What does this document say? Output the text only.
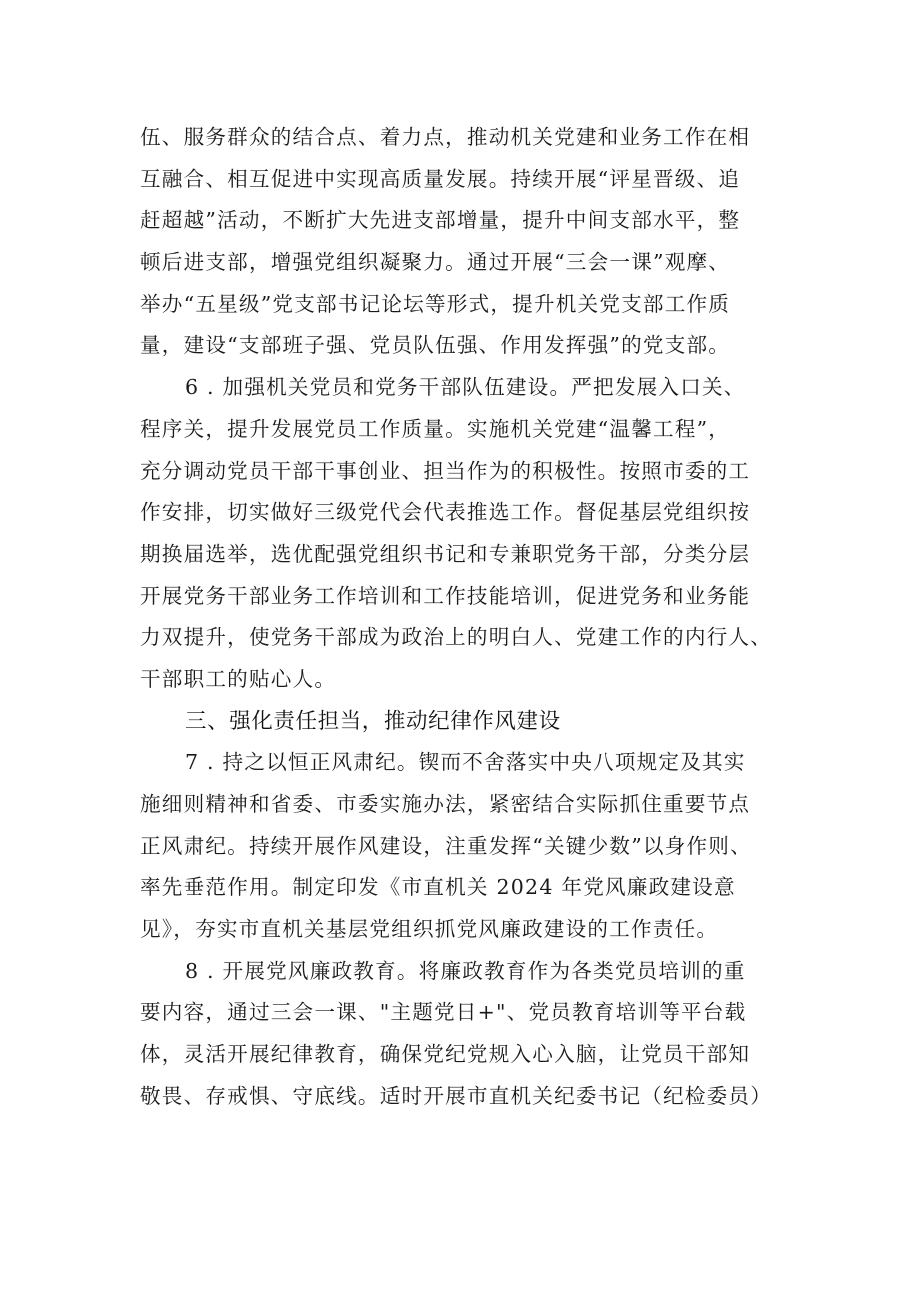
伍、服务群众的结合点、着力点，推动机关党建和业务工作在相
互融合、相互促进中实现高质量发展。持续开展“评星晋级、追
赶超越”活动，不断扩大先进支部增量，提升中间支部水平，整
顿后进支部，增强党组织凝聚力。通过开展“三会一课”观摩、
举办“五星级”党支部书记论坛等形式，提升机关党支部工作质
量，建设“支部班子强、党员队伍强、作用发挥强”的党支部。
6 . 加强机关党员和党务干部队伍建设。严把发展入口关、
程序关，提升发展党员工作质量。实施机关党建“温馨工程”，
充分调动党员干部干事创业、担当作为的积极性。按照市委的工
作安排，切实做好三级党代会代表推选工作。督促基层党组织按
期换届选举，选优配强党组织书记和专兼职党务干部，分类分层
开展党务干部业务工作培训和工作技能培训，促进党务和业务能
力双提升，使党务干部成为政治上的明白人、党建工作的内行人、
干部职工的贴心人。
三、强化责任担当，推动纪律作风建设
7 . 持之以恒正风肃纪。锲而不舍落实中央八项规定及其实
施细则精神和省委、市委实施办法，紧密结合实际抓住重要节点
正风肃纪。持续开展作风建设，注重发挥“关键少数”以身作则、
率先垂范作用。制定印发《市直机关 2024 年党风廉政建设意
见》，夯实市直机关基层党组织抓党风廉政建设的工作责任。
8 . 开展党风廉政教育。将廉政教育作为各类党员培训的重
要内容，通过三会一课、"主题党日+"、党员教育培训等平台载
体，灵活开展纪律教育，确保党纪党规入心入脑，让党员干部知
敬畏、存戒惧、守底线。适时开展市直机关纪委书记（纪检委员）
